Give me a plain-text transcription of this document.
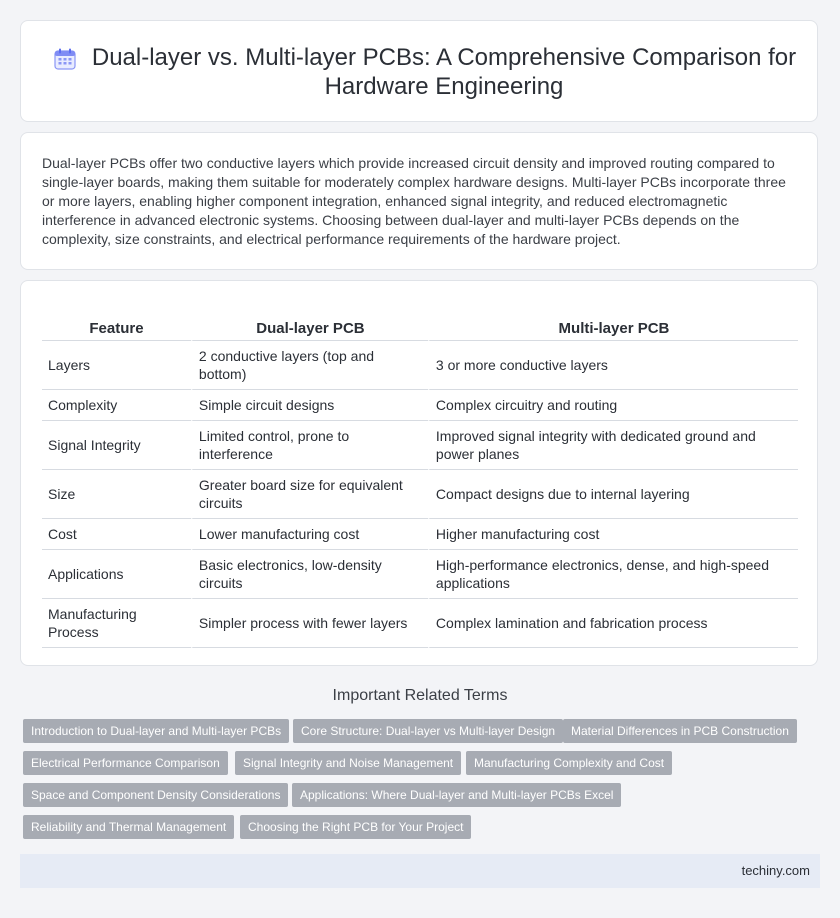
Dual-layer vs. Multi-layer PCBs: A Comprehensive Comparison for Hardware Engineering

Dual-layer PCBs offer two conductive layers which provide increased circuit density and improved routing compared to single-layer boards, making them suitable for moderately complex hardware designs. Multi-layer PCBs incorporate three or more layers, enabling higher component integration, enhanced signal integrity, and reduced electromagnetic interference in advanced electronic systems. Choosing between dual-layer and multi-layer PCBs depends on the complexity, size constraints, and electrical performance requirements of the hardware project.

Feature	Dual-layer PCB	Multi-layer PCB
Layers	2 conductive layers (top and bottom)	3 or more conductive layers
Complexity	Simple circuit designs	Complex circuitry and routing
Signal Integrity	Limited control, prone to interference	Improved signal integrity with dedicated ground and power planes
Size	Greater board size for equivalent circuits	Compact designs due to internal layering
Cost	Lower manufacturing cost	Higher manufacturing cost
Applications	Basic electronics, low-density circuits	High-performance electronics, dense, and high-speed applications
Manufacturing Process	Simpler process with fewer layers	Complex lamination and fabrication process
Important Related Terms
Introduction to Dual-layer and Multi-layer PCBs	Core Structure: Dual-layer vs Multi-layer Design	Material Differences in PCB Construction
Electrical Performance Comparison	Signal Integrity and Noise Management	Manufacturing Complexity and Cost
Space and Component Density Considerations	Applications: Where Dual-layer and Multi-layer PCBs Excel
Reliability and Thermal Management	Choosing the Right PCB for Your Project
techiny.com
